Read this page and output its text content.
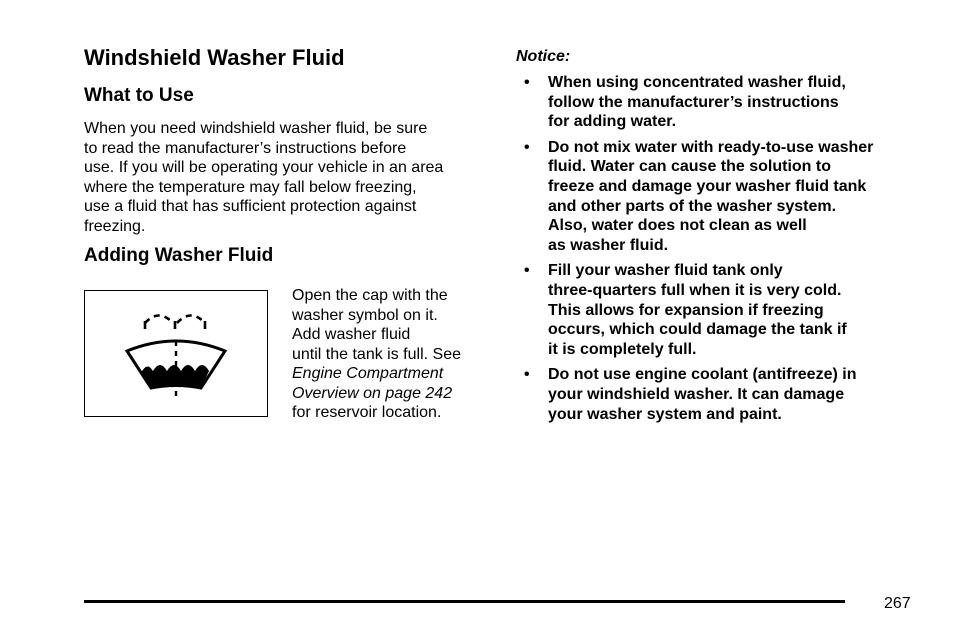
Windshield Washer Fluid
What to Use
When you need windshield washer fluid, be sure
to read the manufacturer’s instructions before
use. If you will be operating your vehicle in an area
where the temperature may fall below freezing,
use a fluid that has sufficient protection against
freezing.
Adding Washer Fluid
Open the cap with the
washer symbol on it.
Add washer fluid
until the tank is full. See
Engine Compartment
Overview on page 242
for reservoir location.
Notice:
• When using concentrated washer fluid,
follow the manufacturer’s instructions
for adding water.
• Do not mix water with ready-to-use washer
fluid. Water can cause the solution to
freeze and damage your washer fluid tank
and other parts of the washer system.
Also, water does not clean as well
as washer fluid.
• Fill your washer fluid tank only
three-quarters full when it is very cold.
This allows for expansion if freezing
occurs, which could damage the tank if
it is completely full.
• Do not use engine coolant (antifreeze) in
your windshield washer. It can damage
your washer system and paint.
267
